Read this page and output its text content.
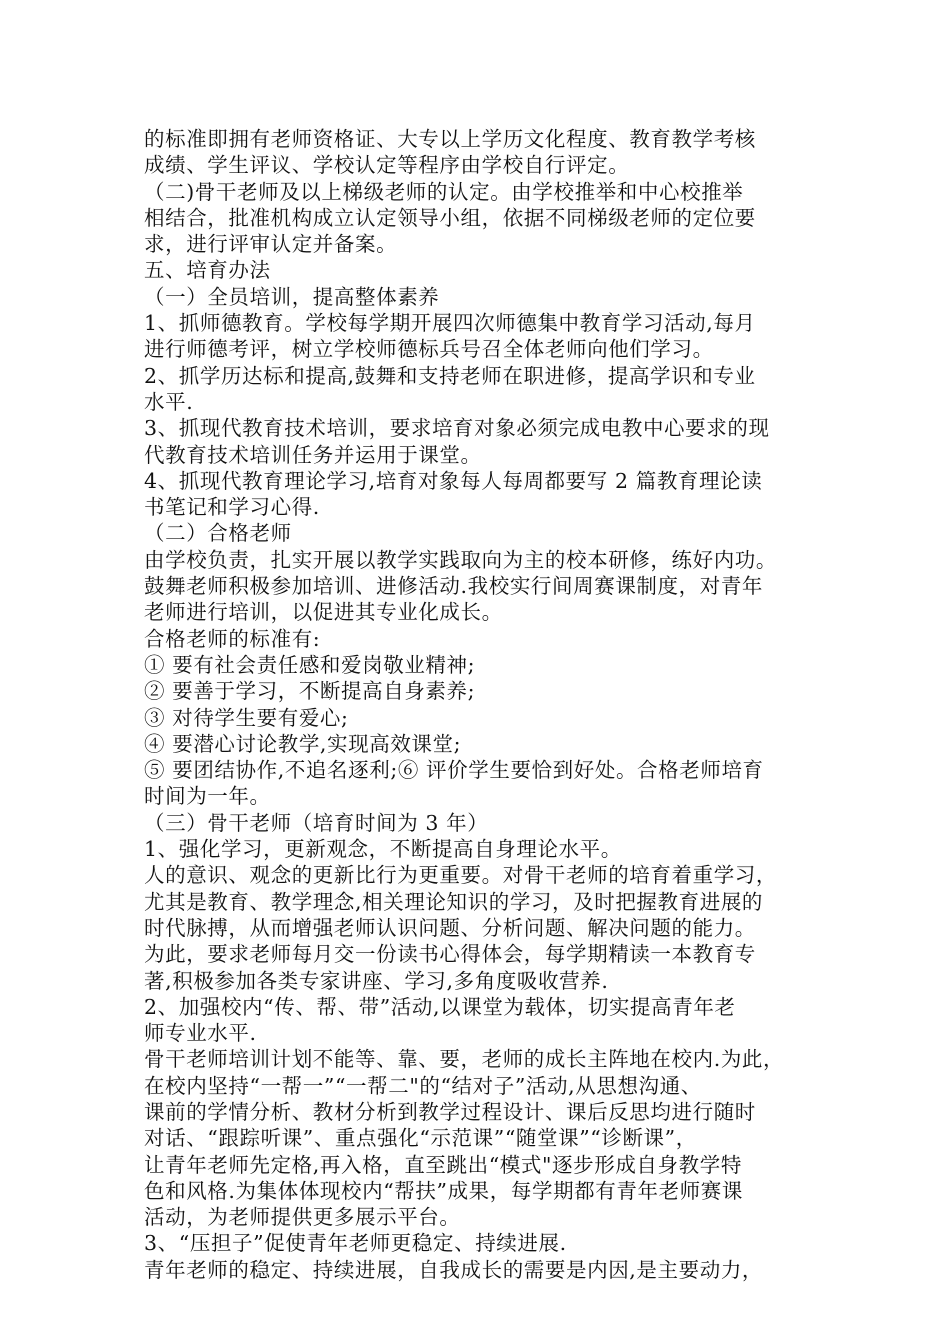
的标准即拥有老师资格证、大专以上学历文化程度、教育教学考核
成绩、学生评议、学校认定等程序由学校自行评定。
（二)骨干老师及以上梯级老师的认定。由学校推举和中心校推举
相结合，批准机构成立认定领导小组，依据不同梯级老师的定位要
求，进行评审认定并备案。
五、培育办法
（一）全员培训，提高整体素养
1、抓师德教育。学校每学期开展四次师德集中教育学习活动,每月
进行师德考评，树立学校师德标兵号召全体老师向他们学习。
2、抓学历达标和提高,鼓舞和支持老师在职进修，提高学识和专业
水平.
3、抓现代教育技术培训，要求培育对象必须完成电教中心要求的现
代教育技术培训任务并运用于课堂。
4、抓现代教育理论学习,培育对象每人每周都要写 2 篇教育理论读
书笔记和学习心得.
（二）合格老师
由学校负责，扎实开展以教学实践取向为主的校本研修，练好内功。
鼓舞老师积极参加培训、进修活动.我校实行间周赛课制度，对青年
老师进行培训，以促进其专业化成长。
合格老师的标准有:
① 要有社会责任感和爱岗敬业精神;
② 要善于学习，不断提高自身素养;
③ 对待学生要有爱心;
④ 要潜心讨论教学,实现高效课堂;
⑤ 要团结协作,不追名逐利;⑥ 评价学生要恰到好处。合格老师培育
时间为一年。
（三）骨干老师（培育时间为 3 年）
1、强化学习，更新观念，不断提高自身理论水平。
人的意识、观念的更新比行为更重要。对骨干老师的培育着重学习，
尤其是教育、教学理念,相关理论知识的学习，及时把握教育进展的
时代脉搏，从而增强老师认识问题、分析问题、解决问题的能力。
为此，要求老师每月交一份读书心得体会，每学期精读一本教育专
著,积极参加各类专家讲座、学习,多角度吸收营养.
2、加强校内“传、帮、带”活动,以课堂为载体，切实提高青年老
师专业水平.
骨干老师培训计划不能等、靠、要，老师的成长主阵地在校内.为此，
在校内坚持“一帮一”“一帮二"的“结对子”活动,从思想沟通、
课前的学情分析、教材分析到教学过程设计、课后反思均进行随时
对话、“跟踪听课”、重点强化“示范课”“随堂课”“诊断课”，
让青年老师先定格,再入格，直至跳出“模式"逐步形成自身教学特
色和风格.为集体体现校内“帮扶”成果，每学期都有青年老师赛课
活动，为老师提供更多展示平台。
3、“压担子”促使青年老师更稳定、持续进展.
青年老师的稳定、持续进展，自我成长的需要是内因,是主要动力，
